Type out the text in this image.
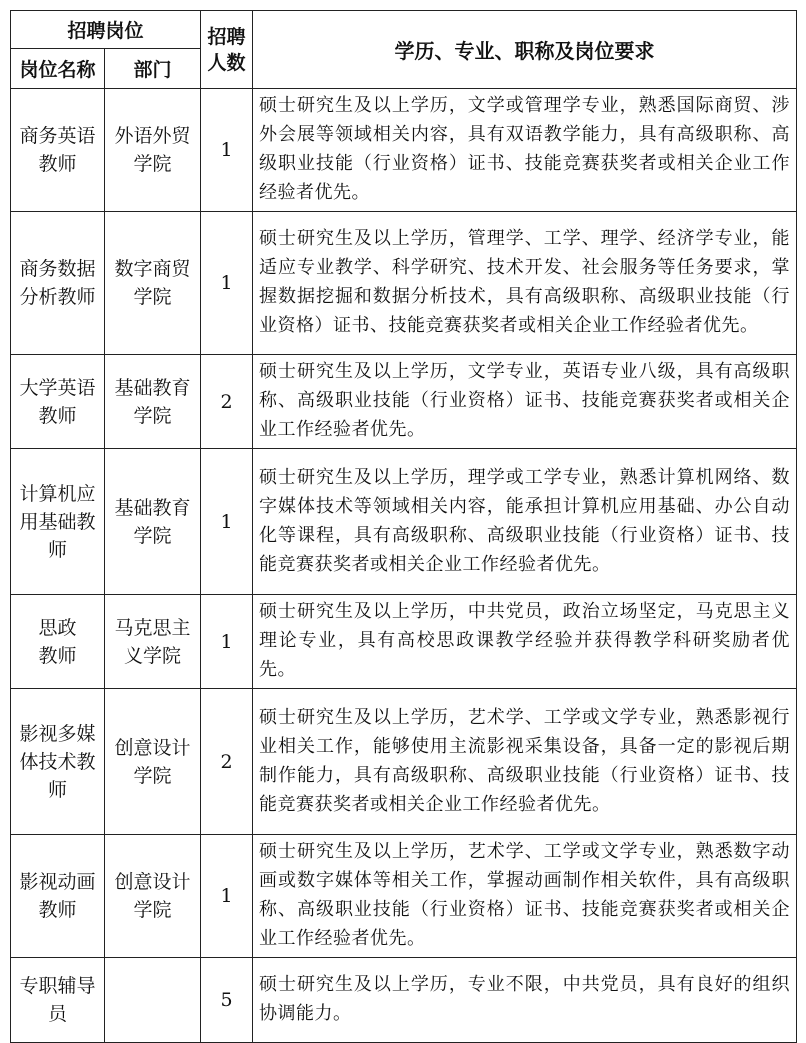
招聘岗位		招聘人数	学历、专业、职称及岗位要求
岗位名称	部门		
商务英语教师	外语外贸学院	1	硕士研究生及以上学历，文学或管理学专业，熟悉国际商贸、涉外会展等领域相关内容，具有双语教学能力，具有高级职称、高级职业技能（行业资格）证书、技能竞赛获奖者或相关企业工作经验者优先。
商务数据分析教师	数字商贸学院	1	硕士研究生及以上学历，管理学、工学、理学、经济学专业，能适应专业教学、科学研究、技术开发、社会服务等任务要求，掌握数据挖掘和数据分析技术，具有高级职称、高级职业技能（行业资格）证书、技能竞赛获奖者或相关企业工作经验者优先。
大学英语教师	基础教育学院	2	硕士研究生及以上学历，文学专业，英语专业八级，具有高级职称、高级职业技能（行业资格）证书、技能竞赛获奖者或相关企业工作经验者优先。
计算机应用基础教师	基础教育学院	1	硕士研究生及以上学历，理学或工学专业，熟悉计算机网络、数字媒体技术等领域相关内容，能承担计算机应用基础、办公自动化等课程，具有高级职称、高级职业技能（行业资格）证书、技能竞赛获奖者或相关企业工作经验者优先。
思政教师	马克思主义学院	1	硕士研究生及以上学历，中共党员，政治立场坚定，马克思主义理论专业，具有高校思政课教学经验并获得教学科研奖励者优先。
影视多媒体技术教师	创意设计学院	2	硕士研究生及以上学历，艺术学、工学或文学专业，熟悉影视行业相关工作，能够使用主流影视采集设备，具备一定的影视后期制作能力，具有高级职称、高级职业技能（行业资格）证书、技能竞赛获奖者或相关企业工作经验者优先。
影视动画教师	创意设计学院	1	硕士研究生及以上学历，艺术学、工学或文学专业，熟悉数字动画或数字媒体等相关工作，掌握动画制作相关软件，具有高级职称、高级职业技能（行业资格）证书、技能竞赛获奖者或相关企业工作经验者优先。
专职辅导员		5	硕士研究生及以上学历，专业不限，中共党员，具有良好的组织协调能力。
